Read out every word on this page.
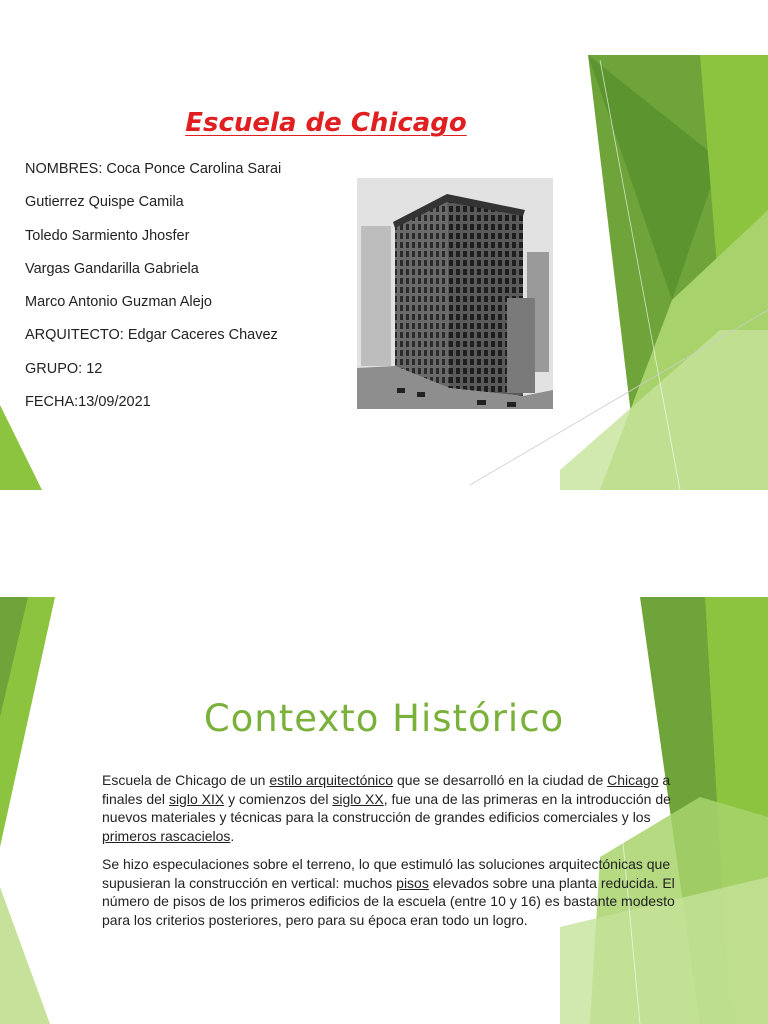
Escuela de Chicago
NOMBRES: Coca Ponce Carolina Sarai
Gutierrez Quispe Camila
Toledo Sarmiento Jhosfer
Vargas Gandarilla Gabriela
Marco Antonio Guzman Alejo
ARQUITECTO: Edgar Caceres Chavez
GRUPO: 12
FECHA:13/09/2021
Contexto Histórico
Escuela de Chicago de un estilo arquitectónico que se desarrolló en la ciudad de Chicago a finales del siglo XIX y comienzos del siglo XX, fue una de las primeras en la introducción de nuevos materiales y técnicas para la construcción de grandes edificios comerciales y los primeros rascacielos.
Se hizo especulaciones sobre el terreno, lo que estimuló las soluciones arquitectónicas que supusieran la construcción en vertical: muchos pisos elevados sobre una planta reducida. El número de pisos de los primeros edificios de la escuela (entre 10 y 16) es bastante modesto para los criterios posteriores, pero para su época eran todo un logro.
